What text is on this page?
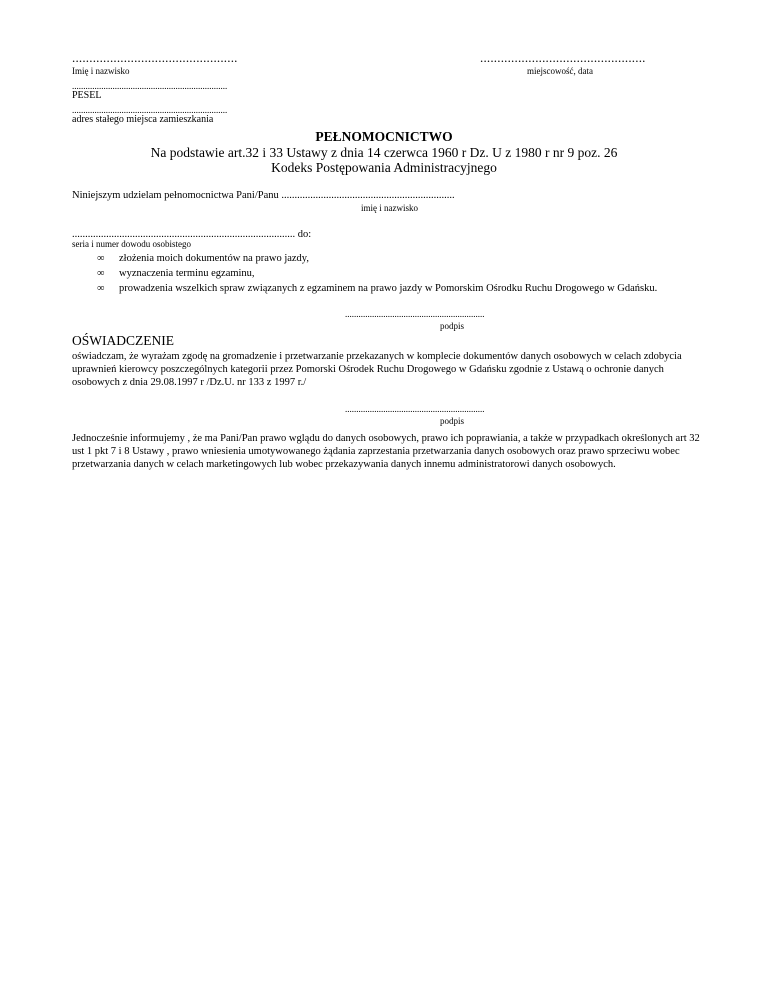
................................................
Imię i nazwisko
................................................
miejscowość, data
.....................................................................
PESEL
.....................................................................
adres stałego miejsca zamieszkania
PEŁNOMOCNICTWO
Na podstawie art.32 i 33 Ustawy z dnia 14 czerwca 1960 r Dz. U z 1980 r nr 9 poz. 26
Kodeks Postępowania Administracyjnego
Niniejszym udzielam pełnomocnictwa Pani/Panu ..................................................................
imię i nazwisko
..................................................................................... do:
seria i numer dowodu osobistego
∞ złożenia moich dokumentów na prawo jazdy,
∞ wyznaczenia terminu egzaminu,
∞ prowadzenia wszelkich spraw związanych z egzaminem na prawo jazdy w Pomorskim Ośrodku Ruchu Drogowego w Gdańsku.
..............................................................
podpis
OŚWIADCZENIE
oświadczam, że wyrażam zgodę na gromadzenie i przetwarzanie przekazanych w komplecie dokumentów danych osobowych w celach zdobycia uprawnień kierowcy poszczególnych kategorii przez Pomorski Ośrodek Ruchu Drogowego w Gdańsku zgodnie z Ustawą o ochronie danych osobowych z dnia 29.08.1997 r /Dz.U. nr 133 z 1997 r./
..............................................................
podpis
Jednocześnie informujemy , że ma Pani/Pan prawo wglądu do danych osobowych, prawo ich poprawiania, a także w przypadkach określonych art 32 ust 1 pkt 7 i 8 Ustawy , prawo wniesienia umotywowanego żądania zaprzestania przetwarzania danych osobowych oraz prawo sprzeciwu wobec przetwarzania danych w celach marketingowych lub wobec przekazywania danych innemu administratorowi danych osobowych.
